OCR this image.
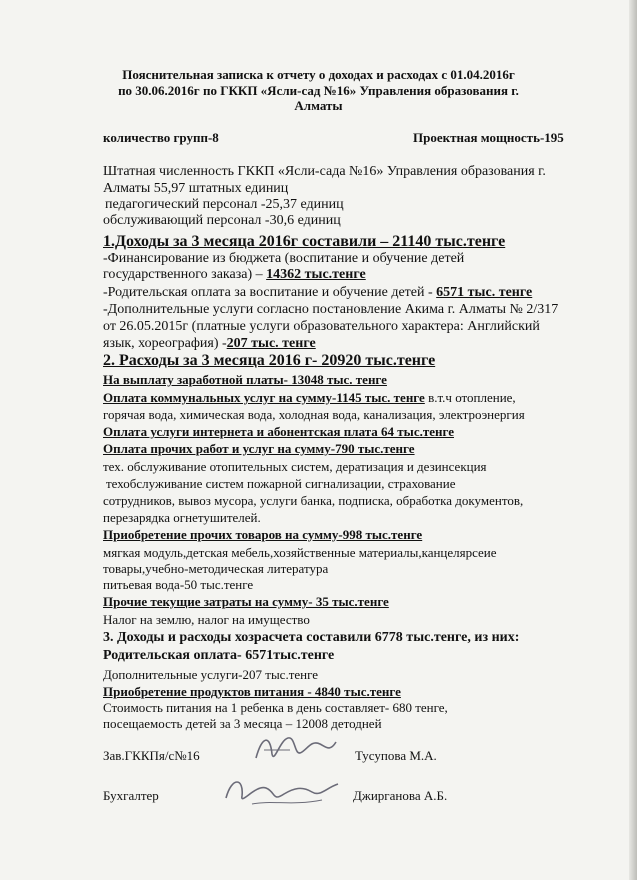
Пояснительная записка к отчету о доходах и расходах с 01.04.2016г
по 30.06.2016г по ГККП «Ясли-сад №16» Управления образования г.
Алматы
количество групп-8	Проектная мощность-195
Штатная численность ГККП «Ясли-сада №16» Управления образования г.
Алматы 55,97 штатных единиц
педагогический персонал -25,37 единиц
обслуживающий персонал -30,6 единиц
1.Доходы за 3 месяца 2016г составили – 21140 тыс.тенге
-Финансирование из бюджета (воспитание и обучение детей
государственного заказа) – 14362 тыс.тенге
-Родительская оплата за воспитание и обучение детей - 6571 тыс. тенге
-Дополнительные услуги согласно постановление Акима г. Алматы № 2/317
от 26.05.2015г (платные услуги образовательного характера: Английский
язык, хореография) -207 тыс. тенге
2. Расходы за 3 месяца 2016 г- 20920 тыс.тенге
На выплату заработной платы- 13048 тыс. тенге
Оплата коммунальных услуг на сумму-1145 тыс. тенге в.т.ч отопление,
горячая вода, химическая вода, холодная вода, канализация, электроэнергия
Оплата услуги интернета и абонентская плата 64 тыс.тенге
Оплата прочих работ и услуг на сумму-790 тыс.тенге
тех. обслуживание отопительных систем, дератизация и дезинсекция
техобслуживание систем пожарной сигнализации, страхование
сотрудников, вывоз мусора, услуги банка, подписка, обработка документов,
перезарядка огнетушителей.
Приобретение прочих товаров на сумму-998 тыс.тенге
мягкая модуль,детская мебель,хозяйственные материалы,канцелярсеие
товары,учебно-методическая литература
питьевая вода-50 тыс.тенге
Прочие текущие затраты на сумму- 35 тыс.тенге
Налог на землю, налог на имущество
3. Доходы и расходы хозрасчета составили 6778 тыс.тенге, из них:
Родительская оплата- 6571тыс.тенге
Дополнительные услуги-207 тыс.тенге
Приобретение продуктов питания - 4840 тыс.тенге
Стоимость питания на 1 ребенка в день составляет- 680 тенге,
посещаемость детей за 3 месяца – 12008 детодней
Зав.ГККПя/с№16	Тусупова М.А.
Бухгалтер	Джирганова А.Б.
